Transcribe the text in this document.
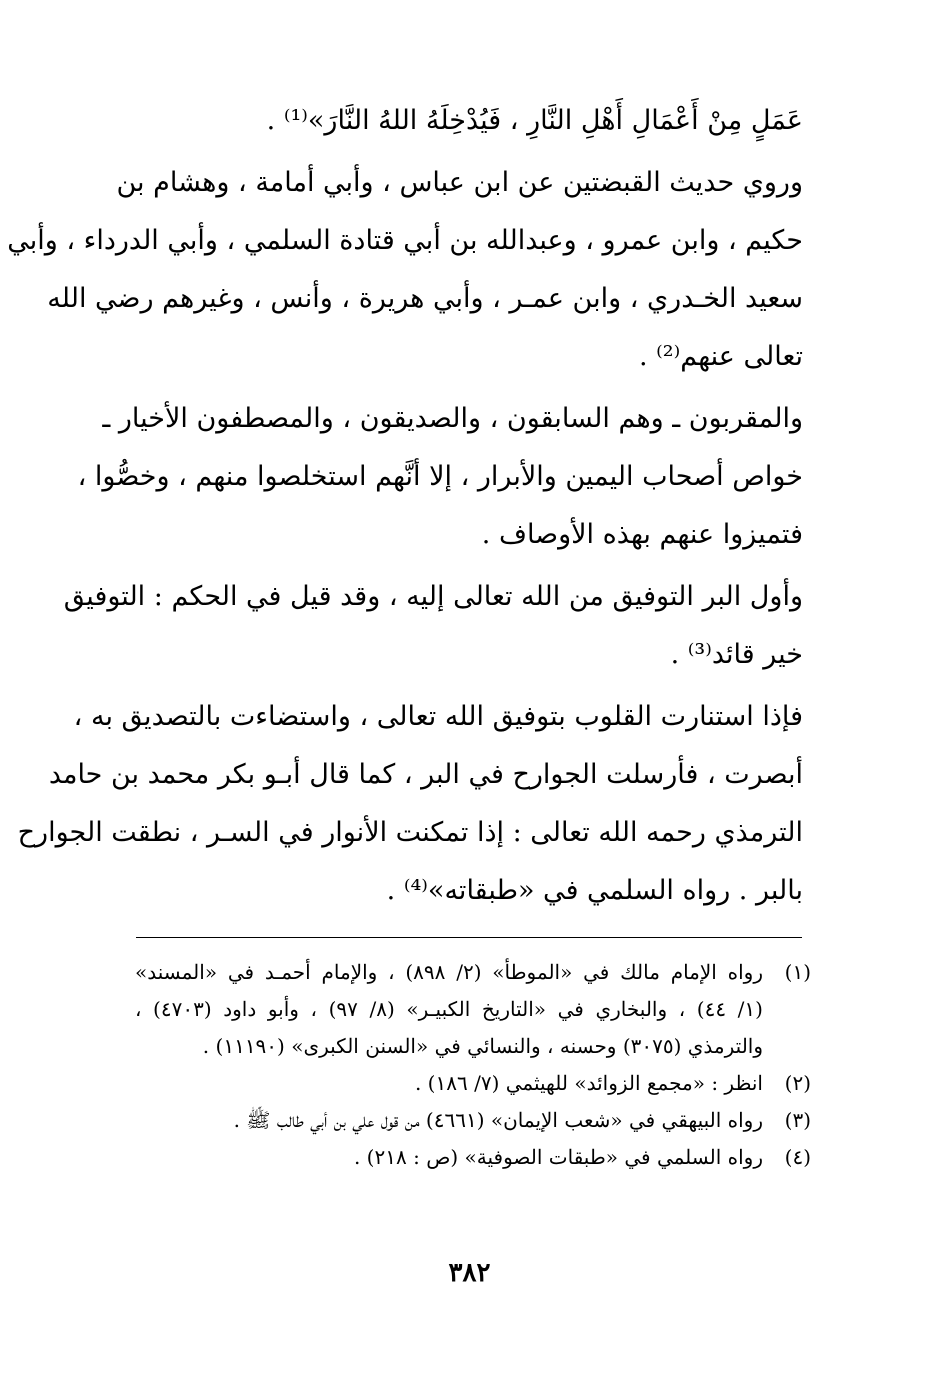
عَمَلٍ مِنْ أَعْمَالِ أَهْلِ النَّارِ ، فَيُدْخِلَهُ اللهُ النَّارَ»⁽¹⁾ .
وروي حديث القبضتين عن ابن عباس ، وأبي أمامة ، وهشام بن
حكيم ، وابن عمرو ، وعبدالله بن أبي قتادة السلمي ، وأبي الدرداء ، وأبي
سعيد الخـدري ، وابن عمـر ، وأبي هريرة ، وأنس ، وغيرهم رضي الله
تعالى عنهم⁽²⁾ .
والمقربون ـ وهم السابقون ، والصديقون ، والمصطفون الأخيار ـ
خواص أصحاب اليمين والأبرار ، إلا أنَّهم استخلصوا منهم ، وخصُّوا ،
فتميزوا عنهم بهذه الأوصاف .
وأول البر التوفيق من الله تعالى إليه ، وقد قيل في الحكم : التوفيق
خير قائد⁽³⁾ .
فإذا استنارت القلوب بتوفيق الله تعالى ، واستضاءت بالتصديق به ،
أبصرت ، فأرسلت الجوارح في البر ، كما قال أبـو بكر محمد بن حامد
الترمذي رحمه الله تعالى : إذا تمكنت الأنوار في السـر ، نطقت الجوارح
بالبر . رواه السلمي في «طبقاته»⁽⁴⁾ .
(١)
رواه الإمام مالك في «الموطأ» (٢/ ٨٩٨) ، والإمام أحمـد في «المسند»
(١/ ٤٤) ، والبخاري في «التاريخ الكبيـر» (٨/ ٩٧) ، وأبو داود (٤٧٠٣) ،
والترمذي (٣٠٧٥) وحسنه ، والنسائي في «السنن الكبرى» (١١١٩٠) .
(٢)
انظر : «مجمع الزوائد» للهيثمي (٧/ ١٨٦) .
(٣)
رواه البيهقي في «شعب الإيمان» (٤٦٦١) من قول علي بن أبي طالب ﷺ .
(٤)
رواه السلمي في «طبقات الصوفية» (ص : ٢١٨) .
٣٨٢
